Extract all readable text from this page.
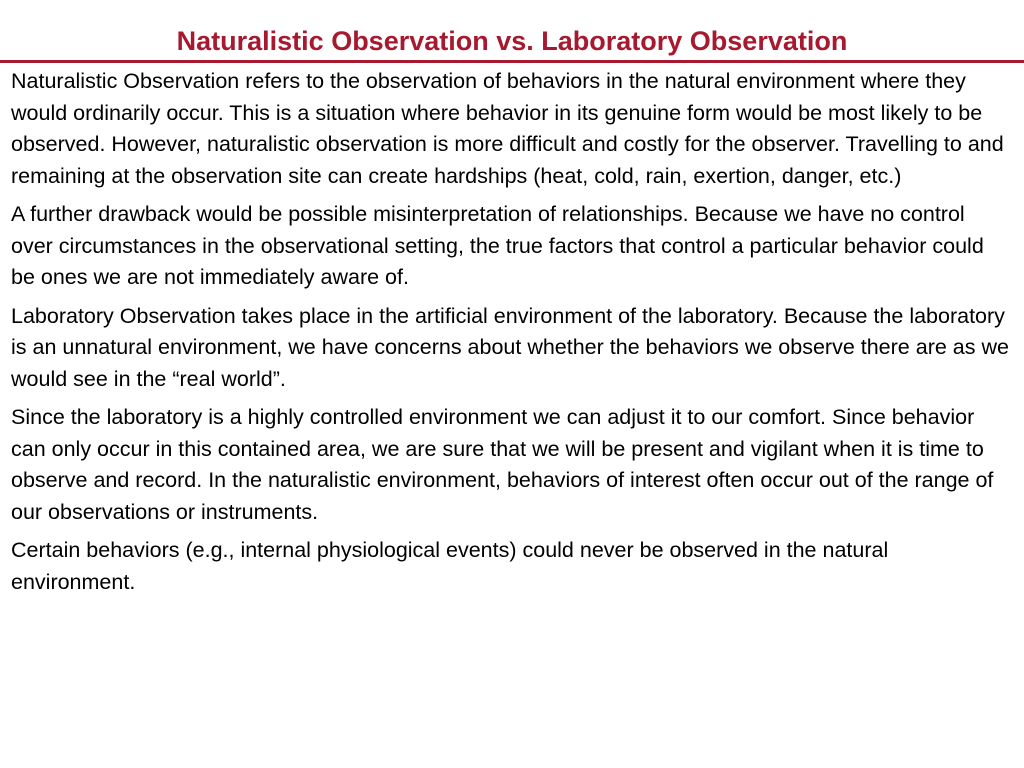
Naturalistic Observation vs. Laboratory Observation

Naturalistic Observation refers to the observation of behaviors in the natural environment where they would ordinarily occur. This is a situation where behavior in its genuine form would be most likely to be observed. However, naturalistic observation is more difficult and costly for the observer. Travelling to and remaining at the observation site can create hardships (heat, cold, rain, exertion, danger, etc.)

A further drawback would be possible misinterpretation of relationships. Because we have no control over circumstances in the observational setting, the true factors that control a particular behavior could be ones we are not immediately aware of.

Laboratory Observation takes place in the artificial environment of the laboratory. Because the laboratory is an unnatural environment, we have concerns about whether the behaviors we observe there are as we would see in the “real world”.

Since the laboratory is a highly controlled environment we can adjust it to our comfort. Since behavior can only occur in this contained area, we are sure that we will be present and vigilant when it is time to observe and record. In the naturalistic environment, behaviors of interest often occur out of the range of our observations or instruments.

Certain behaviors (e.g., internal physiological events) could never be observed in the natural environment.
